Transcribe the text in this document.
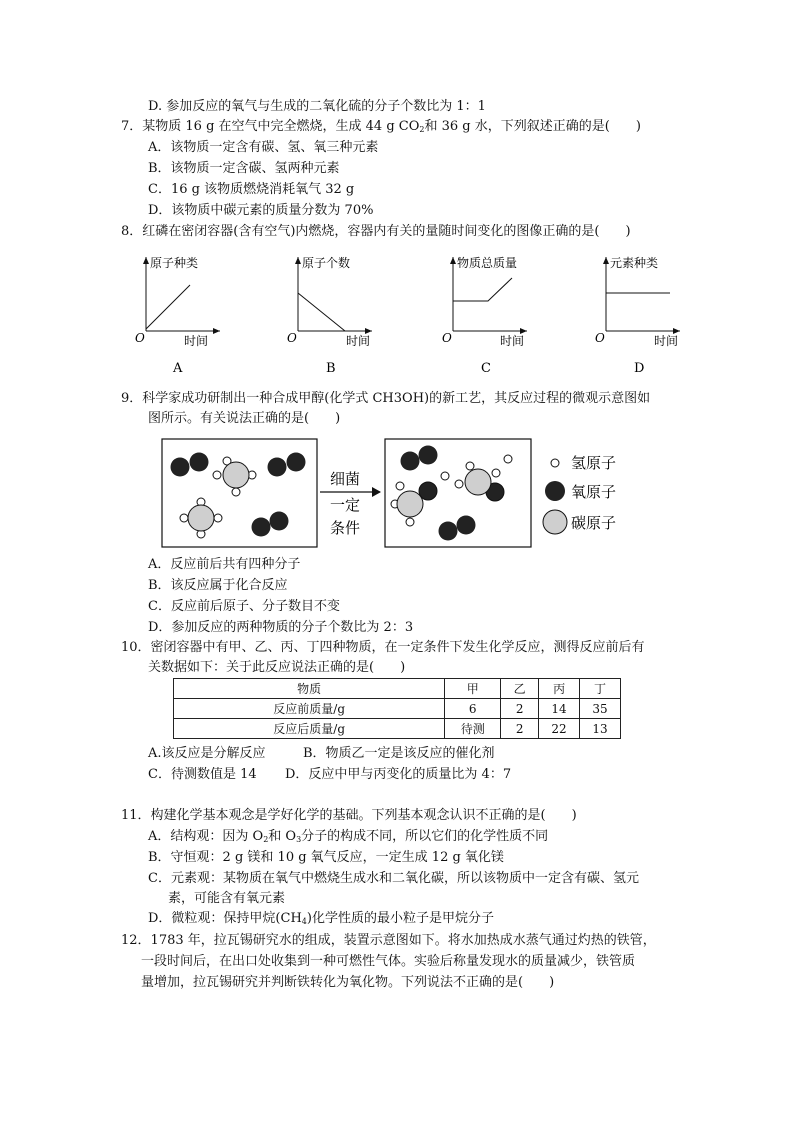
D. 参加反应的氧气与生成的二氧化硫的分子个数比为 1：1
7．某物质 16 g 在空气中完全燃烧，生成 44 g $CO_2$和 36 g 水，下列叙述正确的是(　　)
A．该物质一定含有碳、氢、氧三种元素
B．该物质一定含碳、氢两种元素
C．16 g 该物质燃烧消耗氧气 32 g
D．该物质中碳元素的质量分数为 70%
8．红磷在密闭容器(含有空气)内燃烧，容器内有关的量随时间变化的图像正确的是(　　)
原子种类
时间
O
A
原子个数
时间
O
B
物质总质量
时间
O
C
元素种类
时间
O
D
9．科学家成功研制出一种合成甲醇(化学式 CH3OH)的新工艺，其反应过程的微观示意图如
图所示。有关说法正确的是(　　)
细菌
一定
条件
氢原子
氧原子
碳原子
A．反应前后共有四种分子
B．该反应属于化合反应
C．反应前后原子、分子数目不变
D．参加反应的两种物质的分子个数比为 2：3
10．密闭容器中有甲、乙、丙、丁四种物质，在一定条件下发生化学反应，测得反应前后有
关数据如下：关于此反应说法正确的是(　　)
物质	甲	乙	丙	丁
反应前质量/g	6	2	14	35
反应后质量/g	待测	2	22	13
A.该反应是分解反应	B．物质乙一定是该反应的催化剂
C．待测数值是 14 D．反应中甲与丙变化的质量比为 4：7
11．构建化学基本观念是学好化学的基础。下列基本观念认识不正确的是(　　)
A．结构观：因为 $O_2$和 $O_3$分子的构成不同，所以它们的化学性质不同
B．守恒观：2 g 镁和 10 g 氧气反应，一定生成 12 g 氧化镁
C．元素观：某物质在氧气中燃烧生成水和二氧化碳，所以该物质中一定含有碳、氢元
素，可能含有氧元素
D．微粒观：保持甲烷$(CH_4)$化学性质的最小粒子是甲烷分子
12．1783 年，拉瓦锡研究水的组成，装置示意图如下。将水加热成水蒸气通过灼热的铁管，
一段时间后，在出口处收集到一种可燃性气体。实验后称量发现水的质量减少，铁管质
量增加，拉瓦锡研究并判断铁转化为氧化物。下列说法不正确的是(　　)
